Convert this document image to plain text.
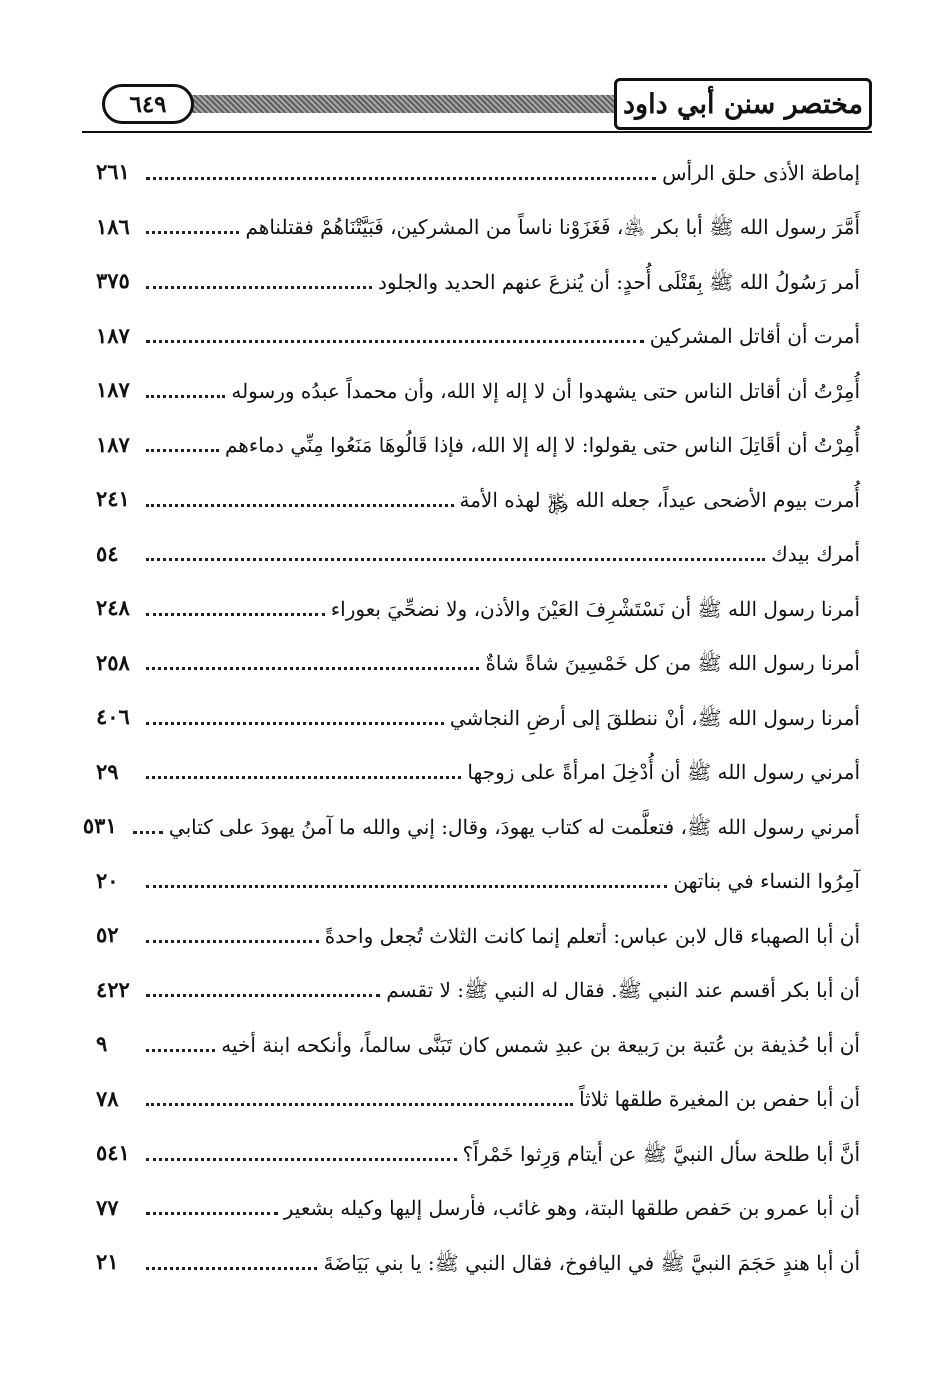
٦٤٩	مختصر سنن أبي داود
إماطة الأذى حلق الرأس
٢٦١
أَمَّرَ رسول الله ﷺ أبا بكر ﵁، فَغَزَوْنا ناساً من المشركين، فَبَيَّتْنَاهُمْ فقتلناهم
١٨٦
أمر رَسُولُ الله ﷺ بِقَتْلَى أُحدٍ: أن يُنزعَ عنهم الحديد والجلود
٣٧٥
أمرت أن أقاتل المشركين
١٨٧
أُمِرْتُ أن أقاتل الناس حتى يشهدوا أن لا إله إلا الله، وأن محمداً عبدُه ورسوله
١٨٧
أُمِرْتُ أن أقَاتِلَ الناس حتى يقولوا: لا إله إلا الله، فإذا قَالُوهَا مَنَعُوا مِنِّي دماءهم
١٨٧
أُمرت بيوم الأضحى عيداً، جعله الله ﷿ لهذه الأمة
٢٤١
أمرك بيدك
٥٤
أمرنا رسول الله ﷺ أن نَسْتَشْرِفَ العَيْنَ والأذن، ولا نضحِّيَ بعوراء
٢٤٨
أمرنا رسول الله ﷺ من كل خَمْسِينَ شاةً شاةٌ
٢٥٨
أمرنا رسول الله ﷺ، أنْ ننطلقَ إلى أرضِ النجاشي
٤٠٦
أمرني رسول الله ﷺ أن أُدْخِلَ امرأةً على زوجها
٢٩
أمرني رسول الله ﷺ، فتعلَّمت له كتاب يهودَ، وقال: إني والله ما آمنُ يهودَ على كتابي
٥٣١
آمِرُوا النساء في بناتهن
٢٠
أن أبا الصهباء قال لابن عباس: أتعلم إنما كانت الثلاث تُجعل واحدةً
٥٢
أن أبا بكر أقسم عند النبي ﷺ. فقال له النبي ﷺ: لا تقسم
٤٢٢
أن أبا حُذيفة بن عُتبة بن رَبيعة بن عبدِ شمس كان تَبَنَّى سالماً، وأنكحه ابنة أخيه
٩
أن أبا حفص بن المغيرة طلقها ثلاثاً
٧٨
أنَّ أبا طلحة سأل النبيَّ ﷺ عن أيتام وَرِثوا خَمْراً؟
٥٤١
أن أبا عمرو بن حَفص طلقها البتة، وهو غائب، فأرسل إليها وكيله بشعير
٧٧
أن أبا هندٍ حَجَمَ النبيَّ ﷺ في اليافوخ، فقال النبي ﷺ: يا بني بَيَاضَةَ
٢١
